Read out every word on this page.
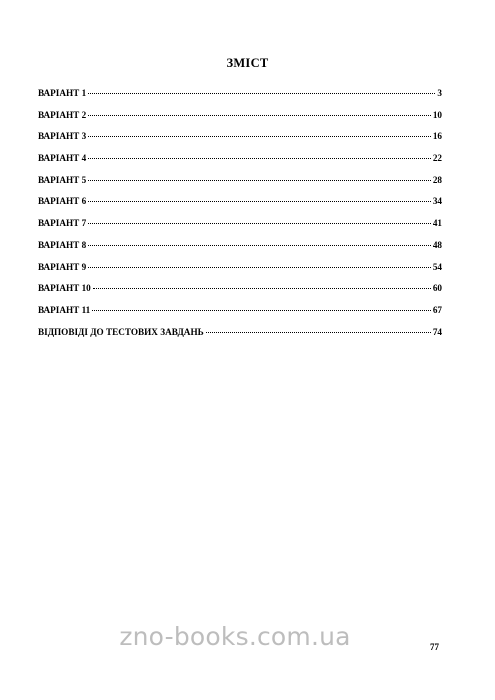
ЗМІСТ
ВАРІАНТ 1	3
ВАРІАНТ 2	10
ВАРІАНТ 3	16
ВАРІАНТ 4	22
ВАРІАНТ 5	28
ВАРІАНТ 6	34
ВАРІАНТ 7	41
ВАРІАНТ 8	48
ВАРІАНТ 9	54
ВАРІАНТ 10	60
ВАРІАНТ 11	67
ВІДПОВІДІ ДО ТЕСТОВИХ ЗАВДАНЬ	74
zno-books.com.ua	77
